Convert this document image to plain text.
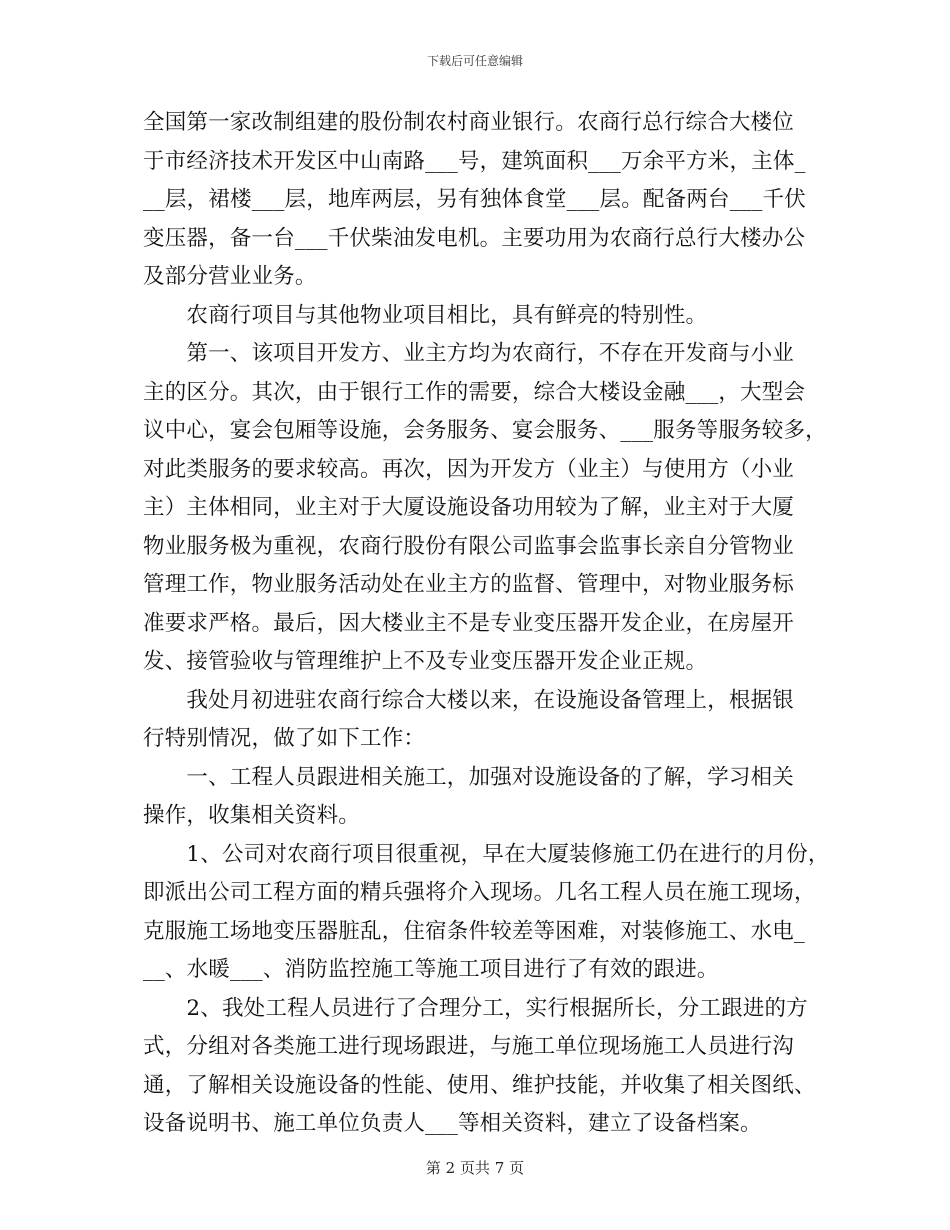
下载后可任意编辑
全国第一家改制组建的股份制农村商业银行。农商行总行综合大楼位
于市经济技术开发区中山南路___号，建筑面积___万余平方米，主体_
__层，裙楼___层，地库两层，另有独体食堂___层。配备两台___千伏
变压器，备一台___千伏柴油发电机。主要功用为农商行总行大楼办公
及部分营业业务。
　　农商行项目与其他物业项目相比，具有鲜亮的特别性。
　　第一、该项目开发方、业主方均为农商行，不存在开发商与小业
主的区分。其次，由于银行工作的需要，综合大楼设金融___，大型会
议中心，宴会包厢等设施，会务服务、宴会服务、___服务等服务较多，
对此类服务的要求较高。再次，因为开发方（业主）与使用方（小业
主）主体相同，业主对于大厦设施设备功用较为了解，业主对于大厦
物业服务极为重视，农商行股份有限公司监事会监事长亲自分管物业
管理工作，物业服务活动处在业主方的监督、管理中，对物业服务标
准要求严格。最后，因大楼业主不是专业变压器开发企业，在房屋开
发、接管验收与管理维护上不及专业变压器开发企业正规。
　　我处月初进驻农商行综合大楼以来，在设施设备管理上，根据银
行特别情况，做了如下工作：
　　一、工程人员跟进相关施工，加强对设施设备的了解，学习相关
操作，收集相关资料。
　　1、公司对农商行项目很重视，早在大厦装修施工仍在进行的月份，
即派出公司工程方面的精兵强将介入现场。几名工程人员在施工现场，
克服施工场地变压器脏乱，住宿条件较差等困难，对装修施工、水电_
__、水暖___、消防监控施工等施工项目进行了有效的跟进。
　　2、我处工程人员进行了合理分工，实行根据所长，分工跟进的方
式，分组对各类施工进行现场跟进，与施工单位现场施工人员进行沟
通，了解相关设施设备的性能、使用、维护技能，并收集了相关图纸、
设备说明书、施工单位负责人___等相关资料，建立了设备档案。
第 2 页共 7 页
